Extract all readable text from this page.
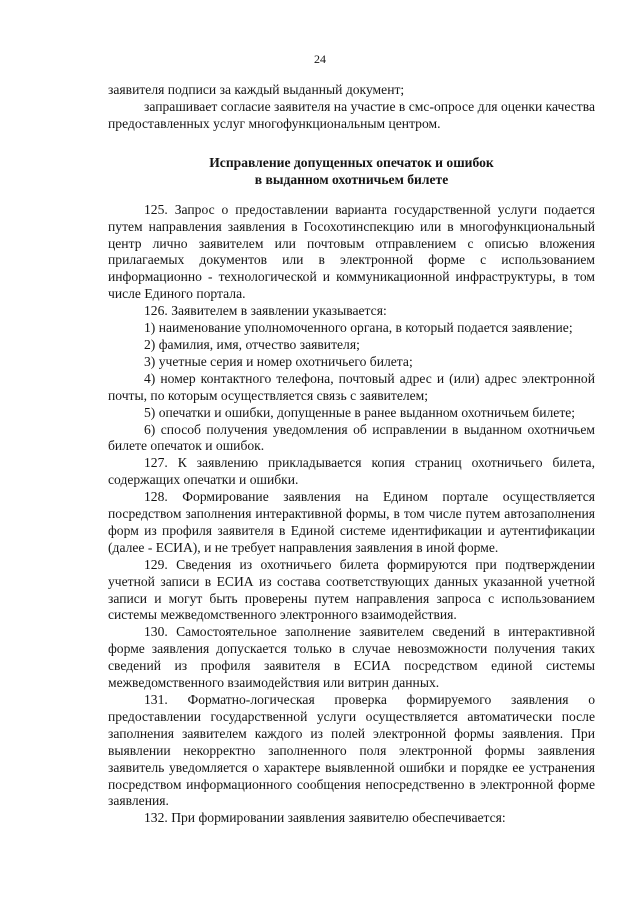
24

заявителя подписи за каждый выданный документ;

запрашивает согласие заявителя на участие в смс-опросе для оценки качества предоставленных услуг многофункциональным центром.

Исправление допущенных опечаток и ошибок
в выданном охотничьем билете

125. Запрос о предоставлении варианта государственной услуги подается путем направления заявления в Госохотинспекцию или в многофункциональный центр лично заявителем или почтовым отправлением с описью вложения прилагаемых документов или в электронной форме с использованием информационно - технологической и коммуникационной инфраструктуры, в том числе Единого портала.

126. Заявителем в заявлении указывается:

1) наименование уполномоченного органа, в который подается заявление;

2) фамилия, имя, отчество заявителя;

3) учетные серия и номер охотничьего билета;

4) номер контактного телефона, почтовый адрес и (или) адрес электронной почты, по которым осуществляется связь с заявителем;

5) опечатки и ошибки, допущенные в ранее выданном охотничьем билете;

6) способ получения уведомления об исправлении в выданном охотничьем билете опечаток и ошибок.

127. К заявлению прикладывается копия страниц охотничьего билета, содержащих опечатки и ошибки.

128. Формирование заявления на Едином портале осуществляется посредством заполнения интерактивной формы, в том числе путем автозаполнения форм из профиля заявителя в Единой системе идентификации и аутентификации (далее - ЕСИА), и не требует направления заявления в иной форме.

129. Сведения из охотничьего билета формируются при подтверждении учетной записи в ЕСИА из состава соответствующих данных указанной учетной записи и могут быть проверены путем направления запроса с использованием системы межведомственного электронного взаимодействия.

130. Самостоятельное заполнение заявителем сведений в интерактивной форме заявления допускается только в случае невозможности получения таких сведений из профиля заявителя в ЕСИА посредством единой системы межведомственного взаимодействия или витрин данных.

131. Форматно-логическая проверка формируемого заявления о предоставлении государственной услуги осуществляется автоматически после заполнения заявителем каждого из полей электронной формы заявления. При выявлении некорректно заполненного поля электронной формы заявления заявитель уведомляется о характере выявленной ошибки и порядке ее устранения посредством информационного сообщения непосредственно в электронной форме заявления.

132. При формировании заявления заявителю обеспечивается:
